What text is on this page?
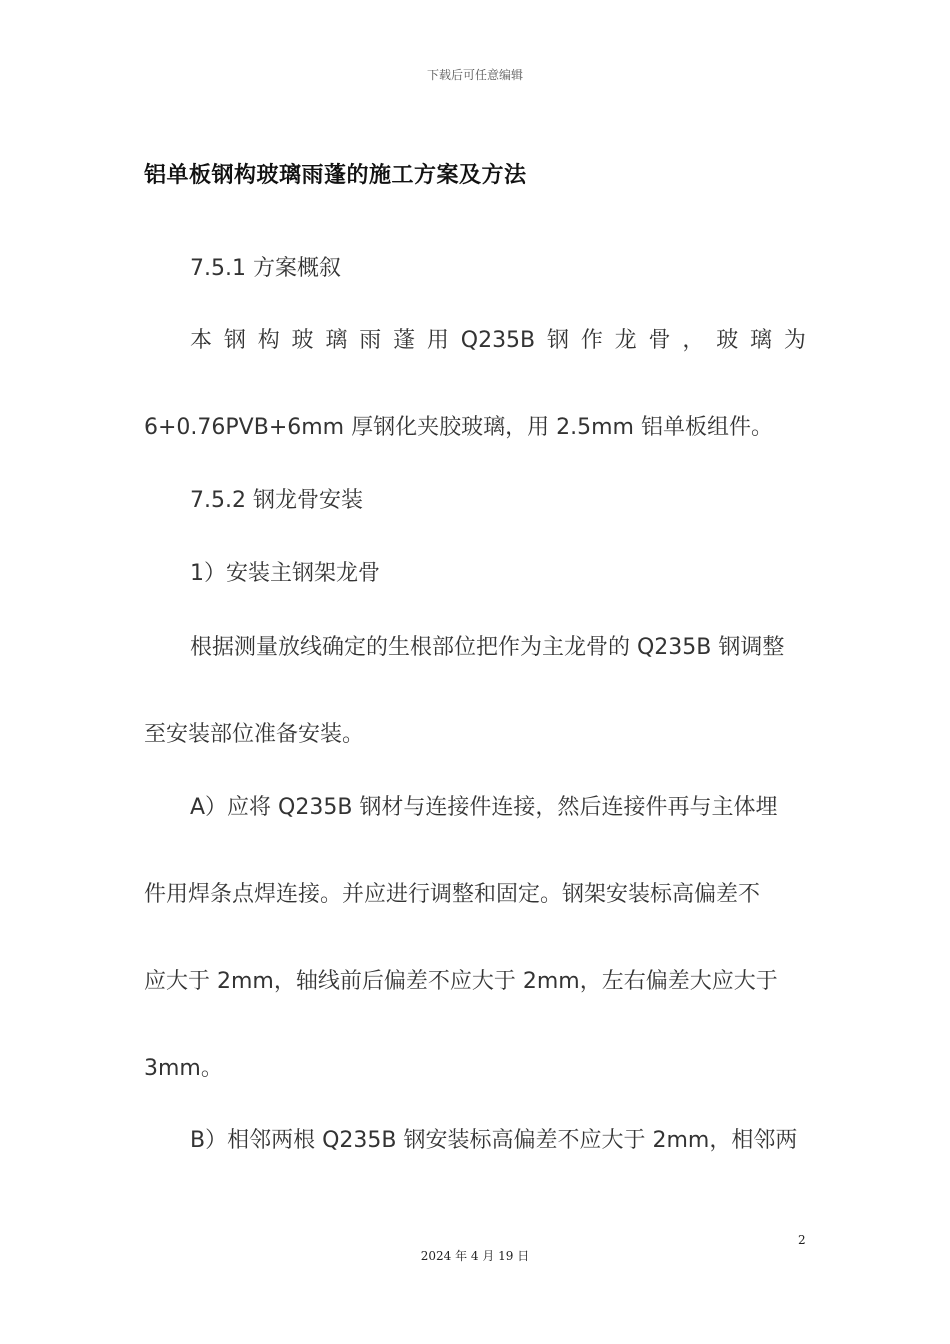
下载后可任意编辑
铝单板钢构玻璃雨蓬的施工方案及方法
7.5.1 方案概叙
本 钢 构 玻 璃 雨 蓬 用 Q235B 钢 作 龙 骨 ， 玻 璃 为
6+0.76PVB+6mm 厚钢化夹胶玻璃，用 2.5mm 铝单板组件。
7.5.2 钢龙骨安装
1）安装主钢架龙骨
根据测量放线确定的生根部位把作为主龙骨的 Q235B 钢调整
至安装部位准备安装。
A）应将 Q235B 钢材与连接件连接，然后连接件再与主体埋
件用焊条点焊连接。并应进行调整和固定。钢架安装标高偏差不
应大于 2mm，轴线前后偏差不应大于 2mm，左右偏差大应大于
3mm。
B）相邻两根 Q235B 钢安装标高偏差不应大于 2mm，相邻两
2
2024 年 4 月 19 日
